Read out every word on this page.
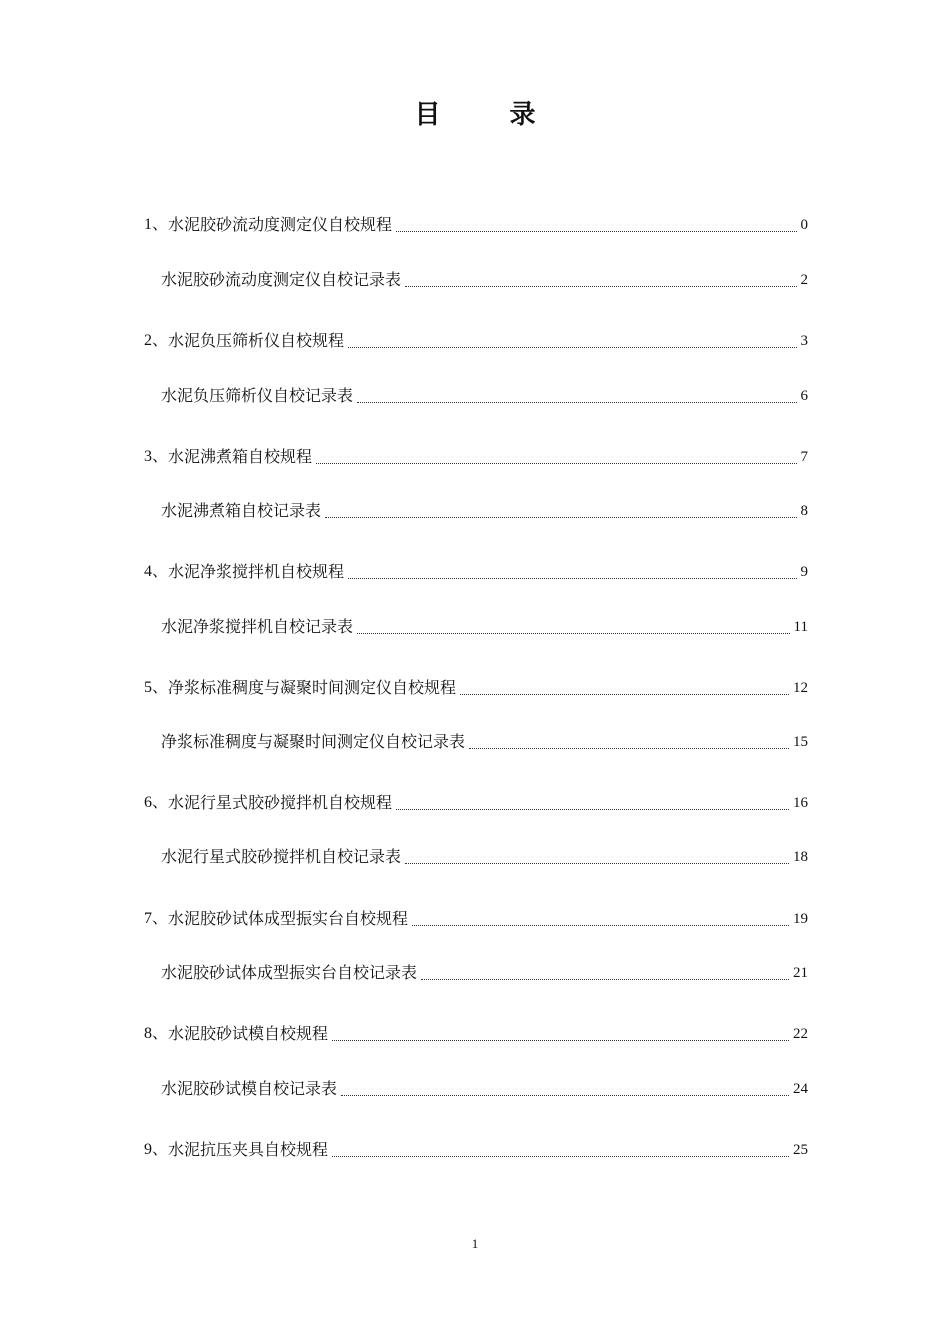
目 录
1、 水泥胶砂流动度测定仪自校规程	0
水泥胶砂流动度测定仪自校记录表	2
2、 水泥负压筛析仪自校规程	3
水泥负压筛析仪自校记录表	6
3、 水泥沸煮箱自校规程	7
水泥沸煮箱自校记录表	8
4、 水泥净浆搅拌机自校规程	9
水泥净浆搅拌机自校记录表	11
5、 净浆标准稠度与凝聚时间测定仪自校规程	12
净浆标准稠度与凝聚时间测定仪自校记录表	15
6、 水泥行星式胶砂搅拌机自校规程	16
水泥行星式胶砂搅拌机自校记录表	18
7、 水泥胶砂试体成型振实台自校规程	19
水泥胶砂试体成型振实台自校记录表	21
8、 水泥胶砂试模自校规程	22
水泥胶砂试模自校记录表	24
9、 水泥抗压夹具自校规程	25
1
